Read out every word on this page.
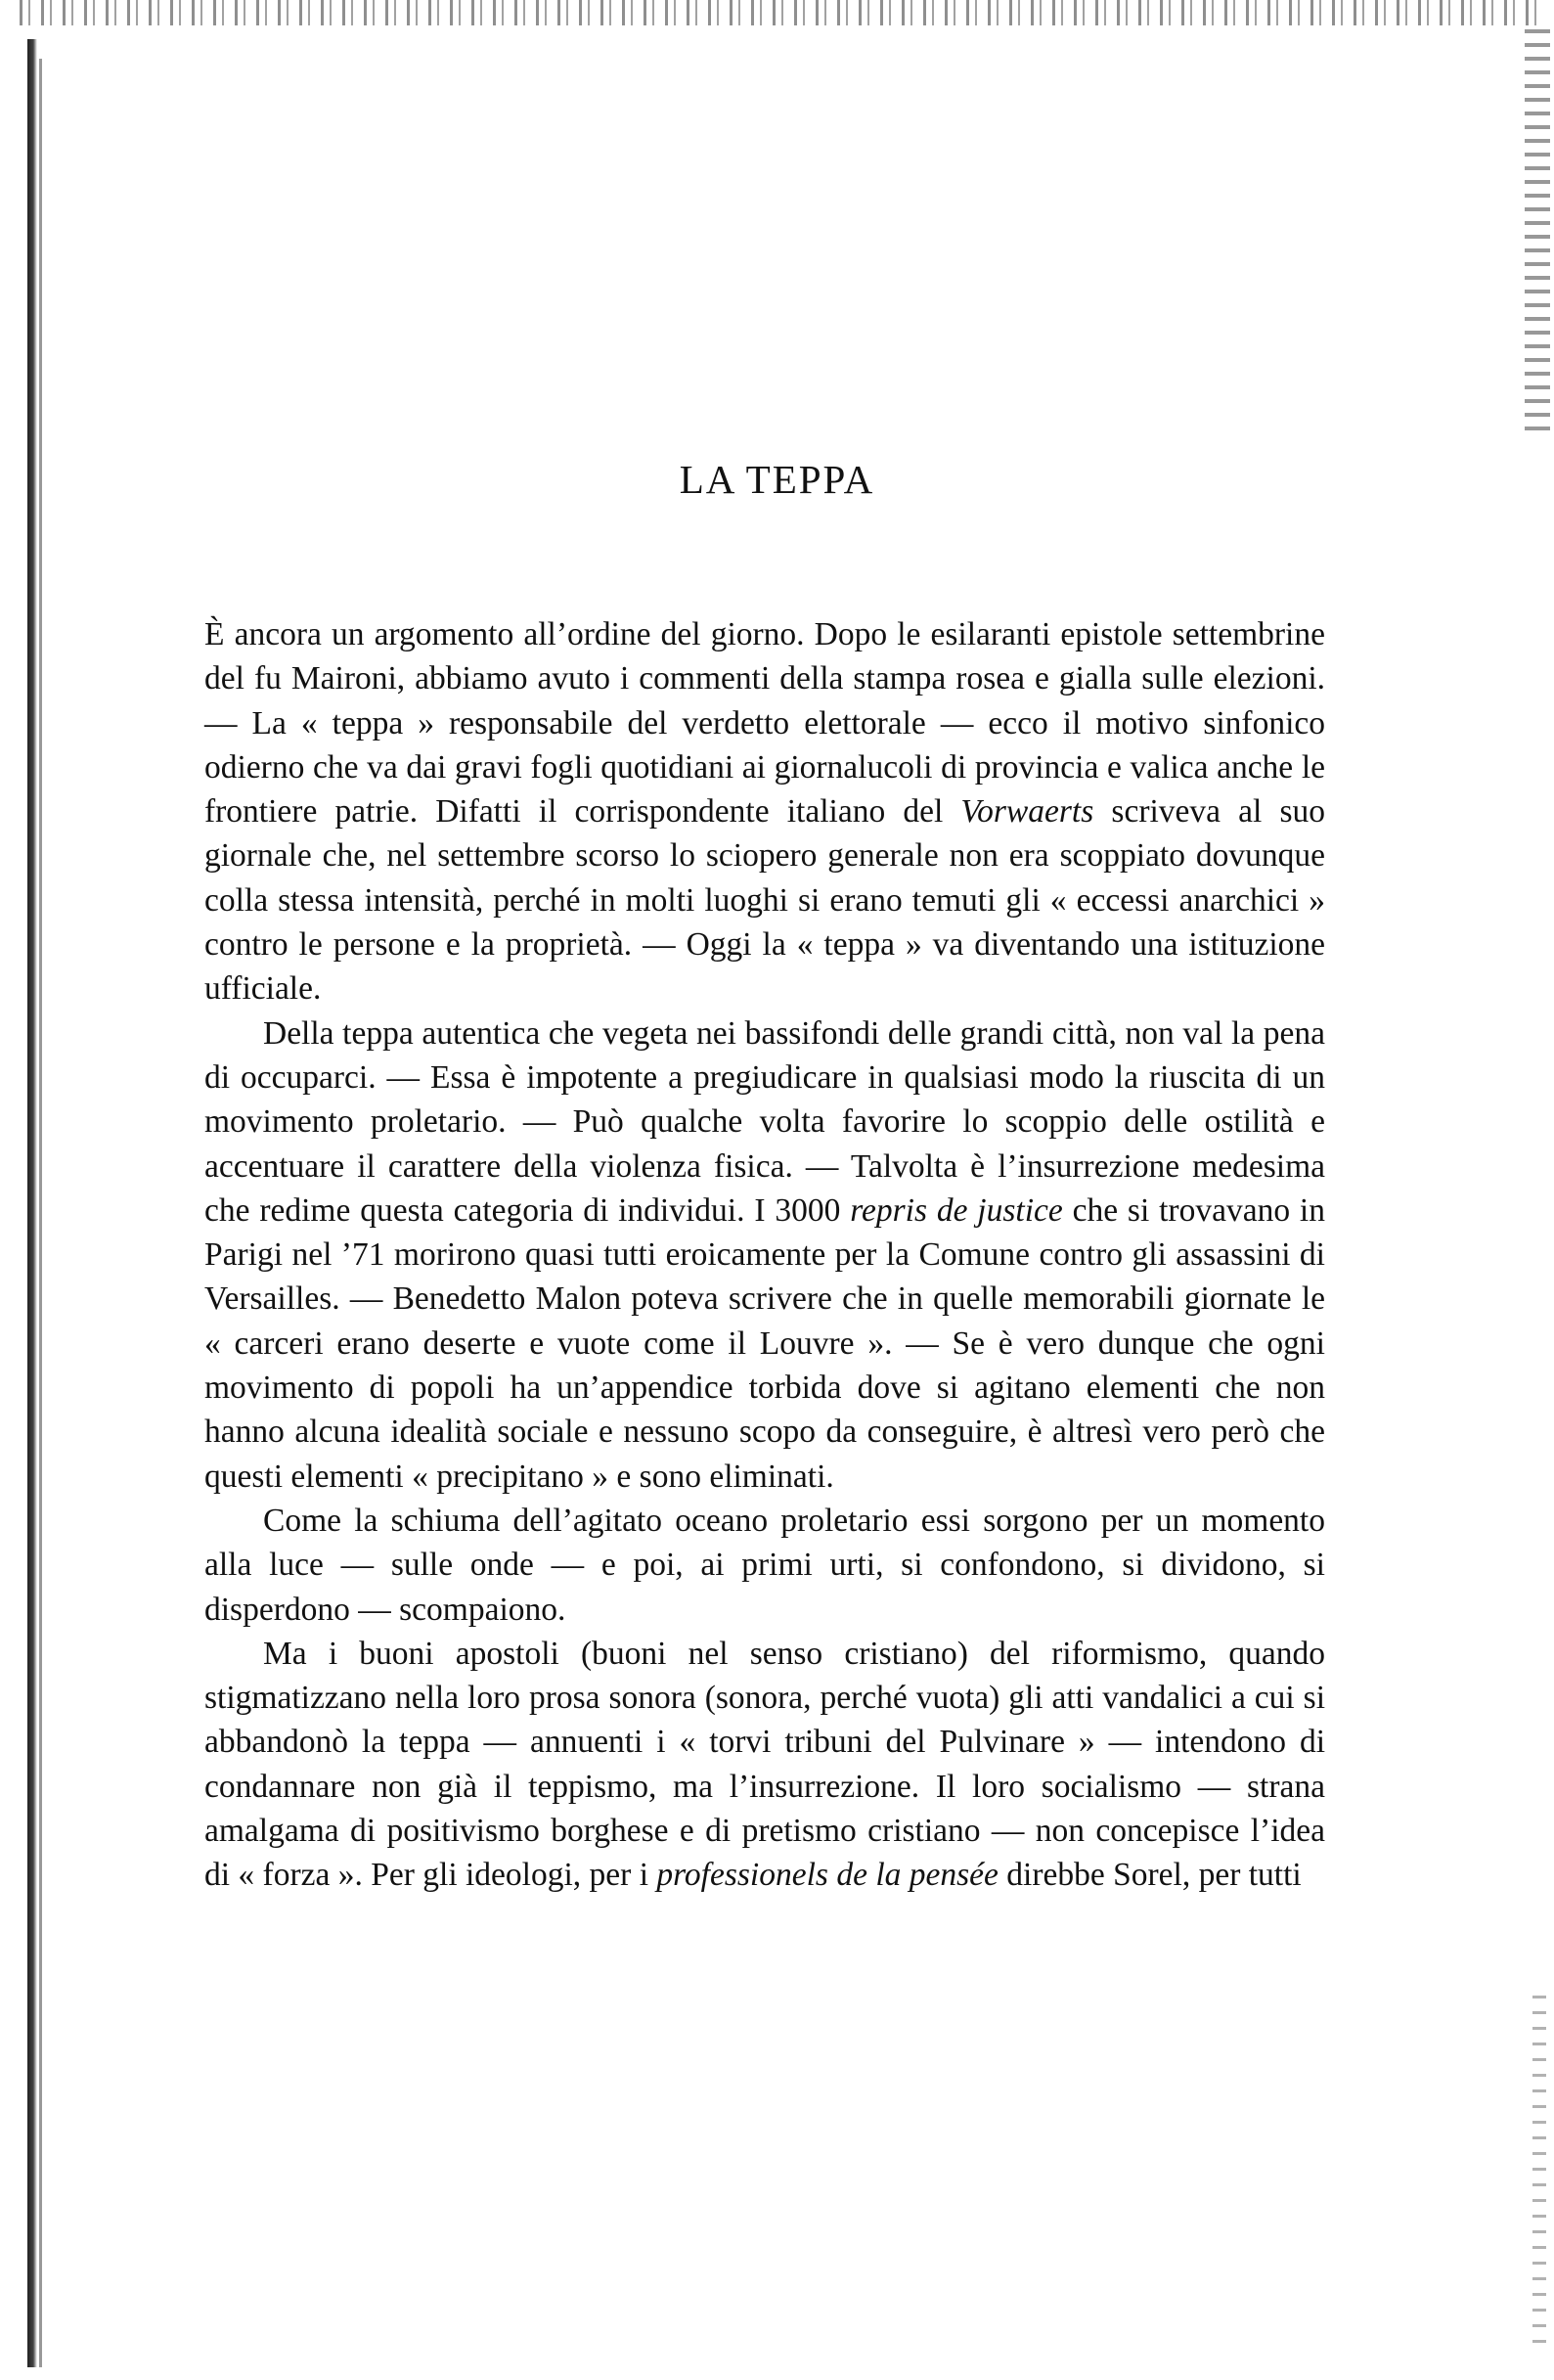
LA TEPPA

È ancora un argomento all’ordine del giorno. Dopo le esilaranti epistole settembrine del fu Maironi, abbiamo avuto i commenti della stampa rosea e gialla sulle elezioni. — La « teppa » responsabile del verdetto elettorale — ecco il motivo sinfonico odierno che va dai gravi fogli quotidiani ai giornalucoli di provincia e valica anche le frontiere patrie. Difatti il corrispondente italiano del Vorwaerts scriveva al suo giornale che, nel settembre scorso lo sciopero generale non era scoppiato dovunque colla stessa intensità, perché in molti luoghi si erano temuti gli « eccessi anarchici » contro le persone e la proprietà. — Oggi la « teppa » va diventando una istituzione ufficiale.

Della teppa autentica che vegeta nei bassifondi delle grandi città, non val la pena di occuparci. — Essa è impotente a pregiudicare in qualsiasi modo la riuscita di un movimento proletario. — Può qualche volta favorire lo scoppio delle ostilità e accentuare il carattere della violenza fisica. — Talvolta è l’insurrezione medesima che redime questa categoria di individui. I 3000 repris de justice che si trovavano in Parigi nel ’71 morirono quasi tutti eroicamente per la Comune contro gli assassini di Versailles. — Benedetto Malon poteva scrivere che in quelle memorabili giornate le « carceri erano deserte e vuote come il Louvre ». — Se è vero dunque che ogni movimento di popoli ha un’appendice torbida dove si agitano elementi che non hanno alcuna idealità sociale e nessuno scopo da conseguire, è altresì vero però che questi elementi « precipitano » e sono eliminati.

Come la schiuma dell’agitato oceano proletario essi sorgono per un momento alla luce — sulle onde — e poi, ai primi urti, si confondono, si dividono, si disperdono — scompaiono.

Ma i buoni apostoli (buoni nel senso cristiano) del riformismo, quando stigmatizzano nella loro prosa sonora (sonora, perché vuota) gli atti vandalici a cui si abbandonò la teppa — annuenti i « torvi tribuni del Pulvinare » — intendono di condannare non già il teppismo, ma l’insurrezione. Il loro socialismo — strana amalgama di positivismo borghese e di pretismo cristiano — non concepisce l’idea di « forza ». Per gli ideologi, per i professionels de la pensée direbbe Sorel, per tutti
